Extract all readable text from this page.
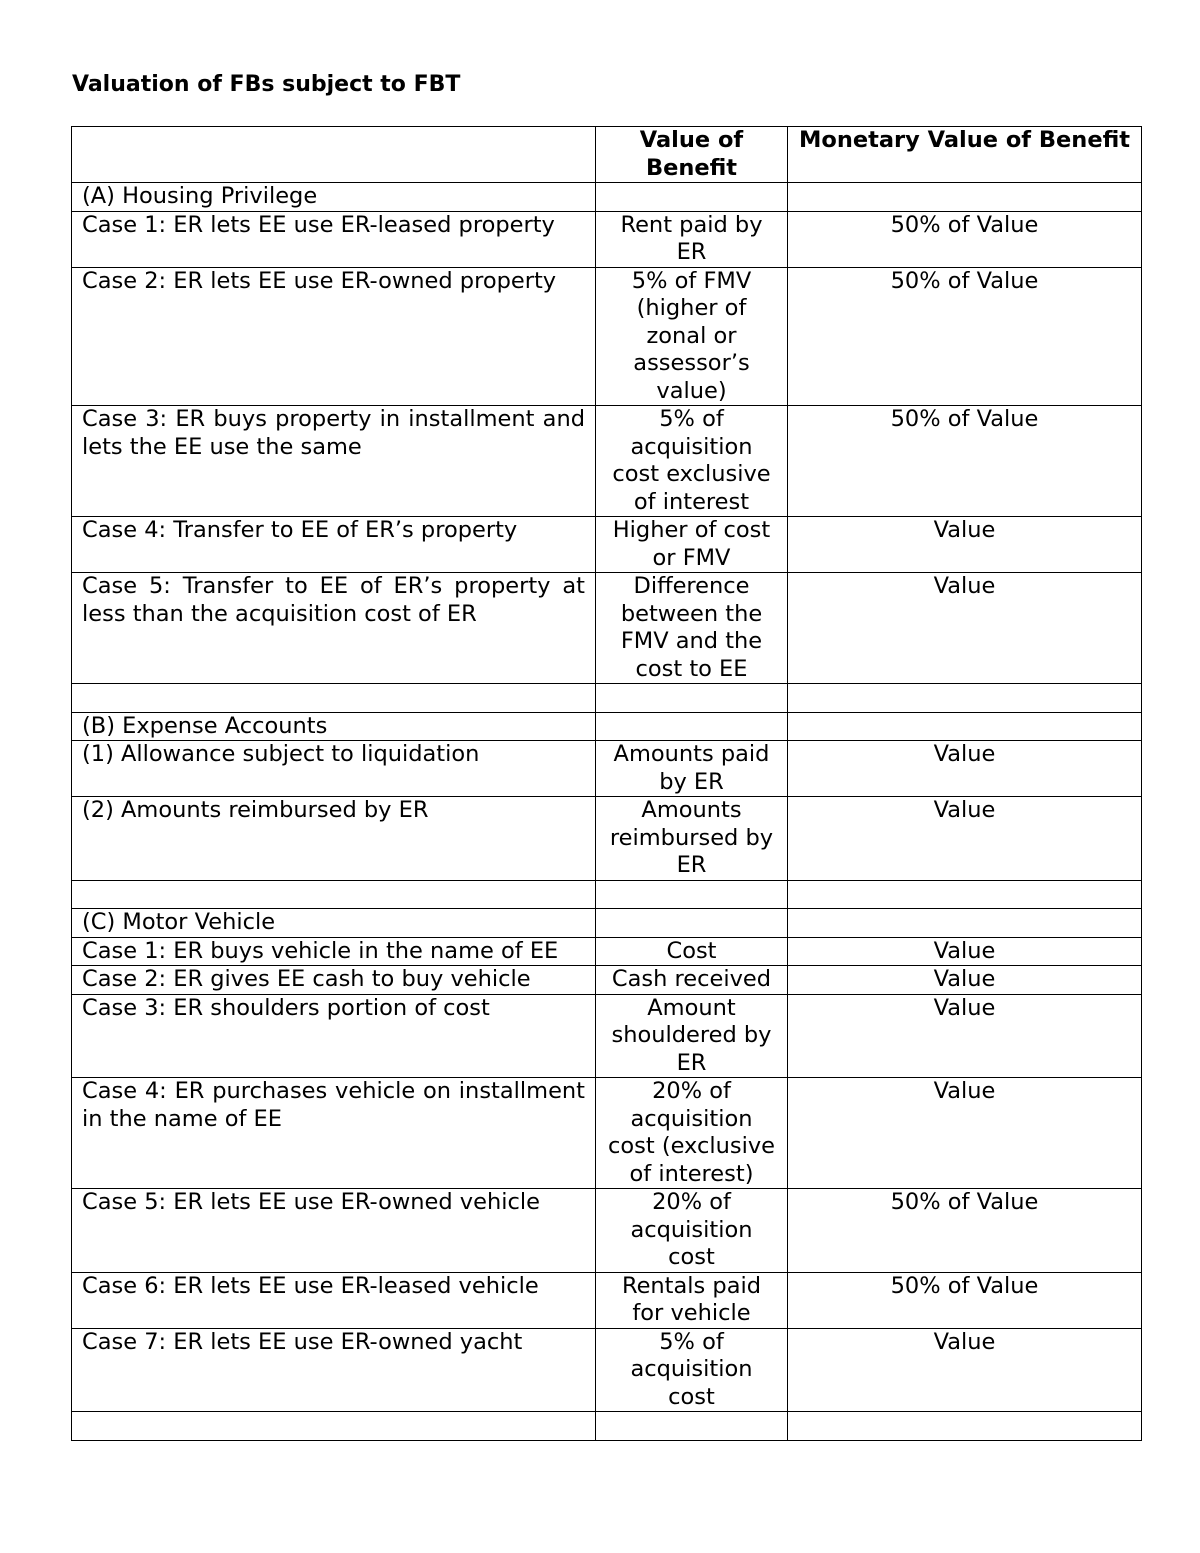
Valuation of FBs subject to FBT
	Value of Benefit	Monetary Value of Benefit
(A) Housing Privilege		
Case 1: ER lets EE use ER-leased property	Rent paid by ER	50% of Value
Case 2: ER lets EE use ER-owned property	5% of FMV (higher of zonal or assessor’s value)	50% of Value
Case 3: ER buys property in installment and lets the EE use the same	5% of acquisition cost exclusive of interest	50% of Value
Case 4: Transfer to EE of ER’s property	Higher of cost or FMV	Value
Case 5: Transfer to EE of ER’s property at less than the acquisition cost of ER	Difference between the FMV and the cost to EE	Value

(B) Expense Accounts		
(1) Allowance subject to liquidation	Amounts paid by ER	Value
(2) Amounts reimbursed by ER	Amounts reimbursed by ER	Value

(C) Motor Vehicle		
Case 1: ER buys vehicle in the name of EE	Cost	Value
Case 2: ER gives EE cash to buy vehicle	Cash received	Value
Case 3: ER shoulders portion of cost	Amount shouldered by ER	Value
Case 4: ER purchases vehicle on installment in the name of EE	20% of acquisition cost (exclusive of interest)	Value
Case 5: ER lets EE use ER-owned vehicle	20% of acquisition cost	50% of Value
Case 6: ER lets EE use ER-leased vehicle	Rentals paid for vehicle	50% of Value
Case 7: ER lets EE use ER-owned yacht	5% of acquisition cost	Value
